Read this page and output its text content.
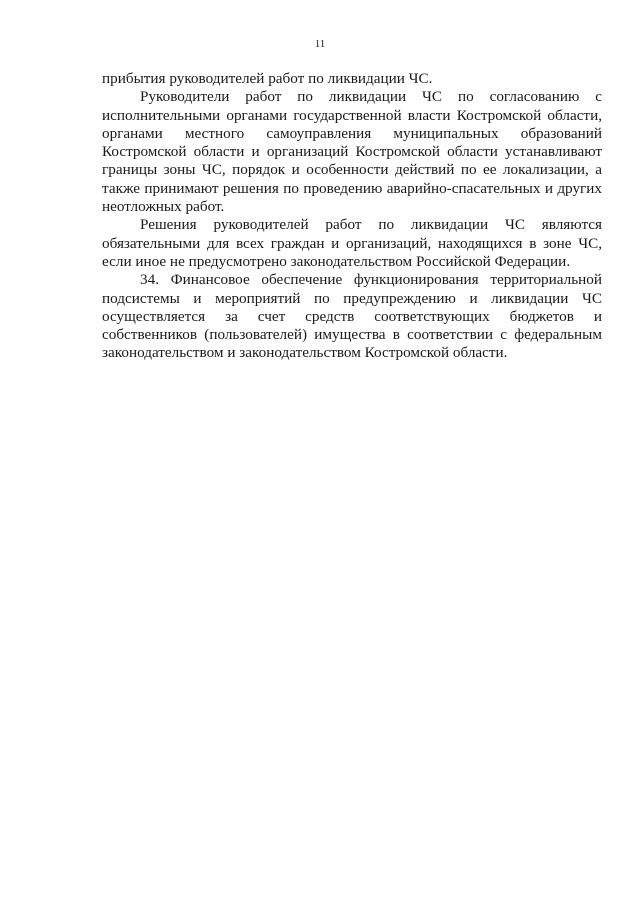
11

прибытия руководителей работ по ликвидации ЧС.

Руководители работ по ликвидации ЧС по согласованию с исполнительными органами государственной власти Костромской области, органами местного самоуправления муниципальных образований Костромской области и организаций Костромской области устанавливают границы зоны ЧС, порядок и особенности действий по ее локализации, а также принимают решения по проведению аварийно-спасательных и других неотложных работ.

Решения руководителей работ по ликвидации ЧС являются обязательными для всех граждан и организаций, находящихся в зоне ЧС, если иное не предусмотрено законодательством Российской Федерации.

34. Финансовое обеспечение функционирования территориальной подсистемы и мероприятий по предупреждению и ликвидации ЧС осуществляется за счет средств соответствующих бюджетов и собственников (пользователей) имущества в соответствии с федеральным законодательством и законодательством Костромской области.
